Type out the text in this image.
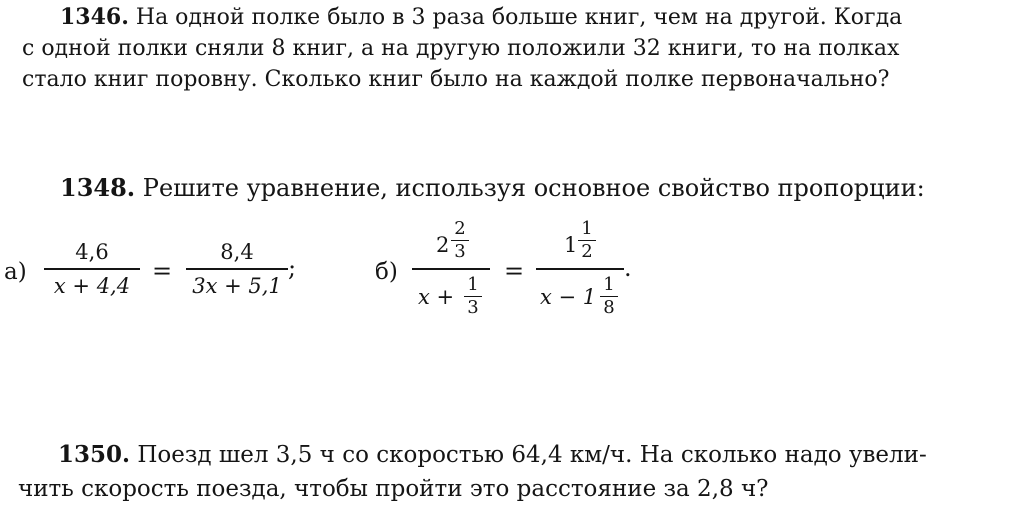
1346. На одной полке было в 3 раза больше книг, чем на другой. Когда
с одной полки сняли 8 книг, а на другую положили 32 книги, то на полках
стало книг поровну. Сколько книг было на каждой полке первоначально?
1348. Решите уравнение, используя основное свойство пропорции:
а)
4,6
x + 4,4
=
8,4
3x + 5,1
;	б)
2
2
3
x +
1
3
=
1
1
2
x − 1
1
8
.
1350. Поезд шел 3,5 ч со скоростью 64,4 км/ч. На сколько надо увели-
чить скорость поезда, чтобы пройти это расстояние за 2,8 ч?
